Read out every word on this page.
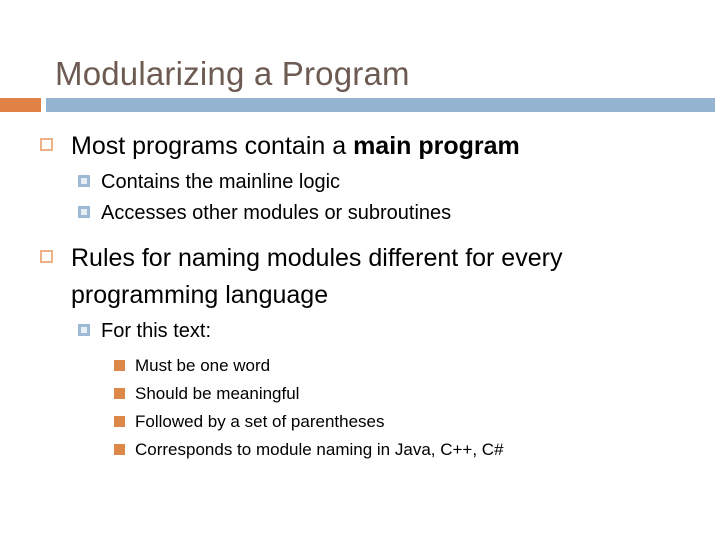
Modularizing a Program
Most programs contain a main program
Contains the mainline logic
Accesses other modules or subroutines
Rules for naming modules different for every programming language
For this text:
Must be one word
Should be meaningful
Followed by a set of parentheses
Corresponds to module naming in Java, C++, C#
